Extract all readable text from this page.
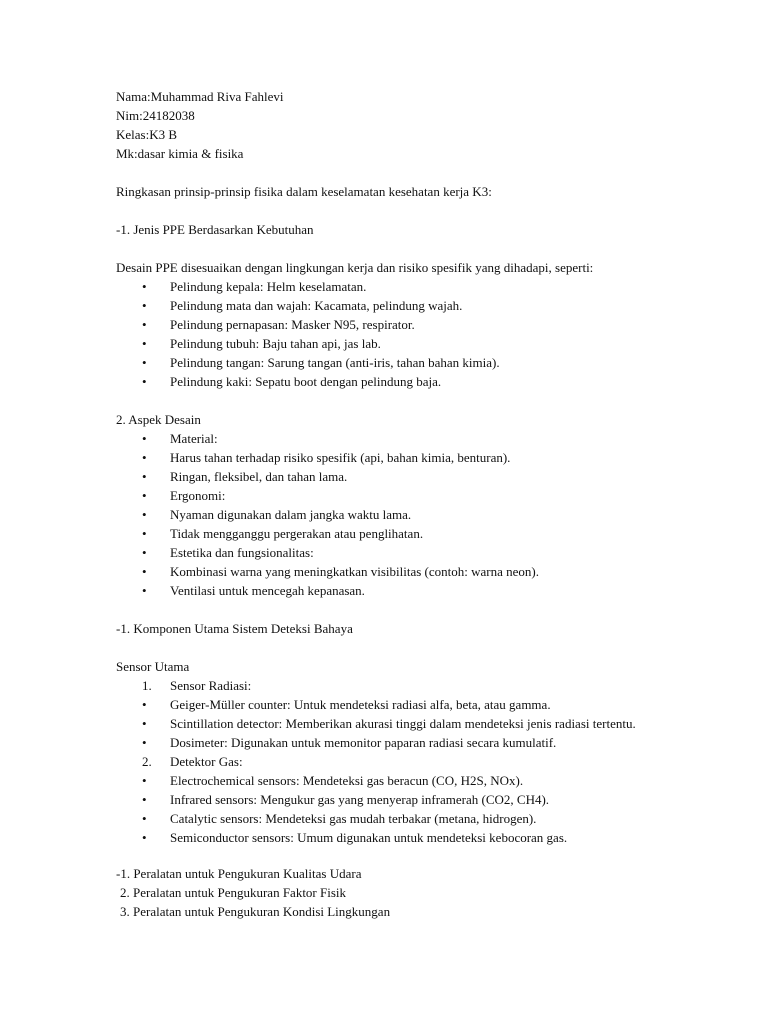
Nama:Muhammad Riva Fahlevi
Nim:24182038
Kelas:K3 B
Mk:dasar kimia & fisika
Ringkasan prinsip-prinsip fisika dalam keselamatan kesehatan kerja K3:
-1. Jenis PPE Berdasarkan Kebutuhan
Desain PPE disesuaikan dengan lingkungan kerja dan risiko spesifik yang dihadapi, seperti:
• Pelindung kepala: Helm keselamatan.
• Pelindung mata dan wajah: Kacamata, pelindung wajah.
• Pelindung pernapasan: Masker N95, respirator.
• Pelindung tubuh: Baju tahan api, jas lab.
• Pelindung tangan: Sarung tangan (anti-iris, tahan bahan kimia).
• Pelindung kaki: Sepatu boot dengan pelindung baja.
2. Aspek Desain
• Material:
• Harus tahan terhadap risiko spesifik (api, bahan kimia, benturan).
• Ringan, fleksibel, dan tahan lama.
• Ergonomi:
• Nyaman digunakan dalam jangka waktu lama.
• Tidak mengganggu pergerakan atau penglihatan.
• Estetika dan fungsionalitas:
• Kombinasi warna yang meningkatkan visibilitas (contoh: warna neon).
• Ventilasi untuk mencegah kepanasan.
-1. Komponen Utama Sistem Deteksi Bahaya
Sensor Utama
1. Sensor Radiasi:
• Geiger-Müller counter: Untuk mendeteksi radiasi alfa, beta, atau gamma.
• Scintillation detector: Memberikan akurasi tinggi dalam mendeteksi jenis radiasi tertentu.
• Dosimeter: Digunakan untuk memonitor paparan radiasi secara kumulatif.
2. Detektor Gas:
• Electrochemical sensors: Mendeteksi gas beracun (CO, H2S, NOx).
• Infrared sensors: Mengukur gas yang menyerap inframerah (CO2, CH4).
• Catalytic sensors: Mendeteksi gas mudah terbakar (metana, hidrogen).
• Semiconductor sensors: Umum digunakan untuk mendeteksi kebocoran gas.
-1. Peralatan untuk Pengukuran Kualitas Udara
2. Peralatan untuk Pengukuran Faktor Fisik
3. Peralatan untuk Pengukuran Kondisi Lingkungan
